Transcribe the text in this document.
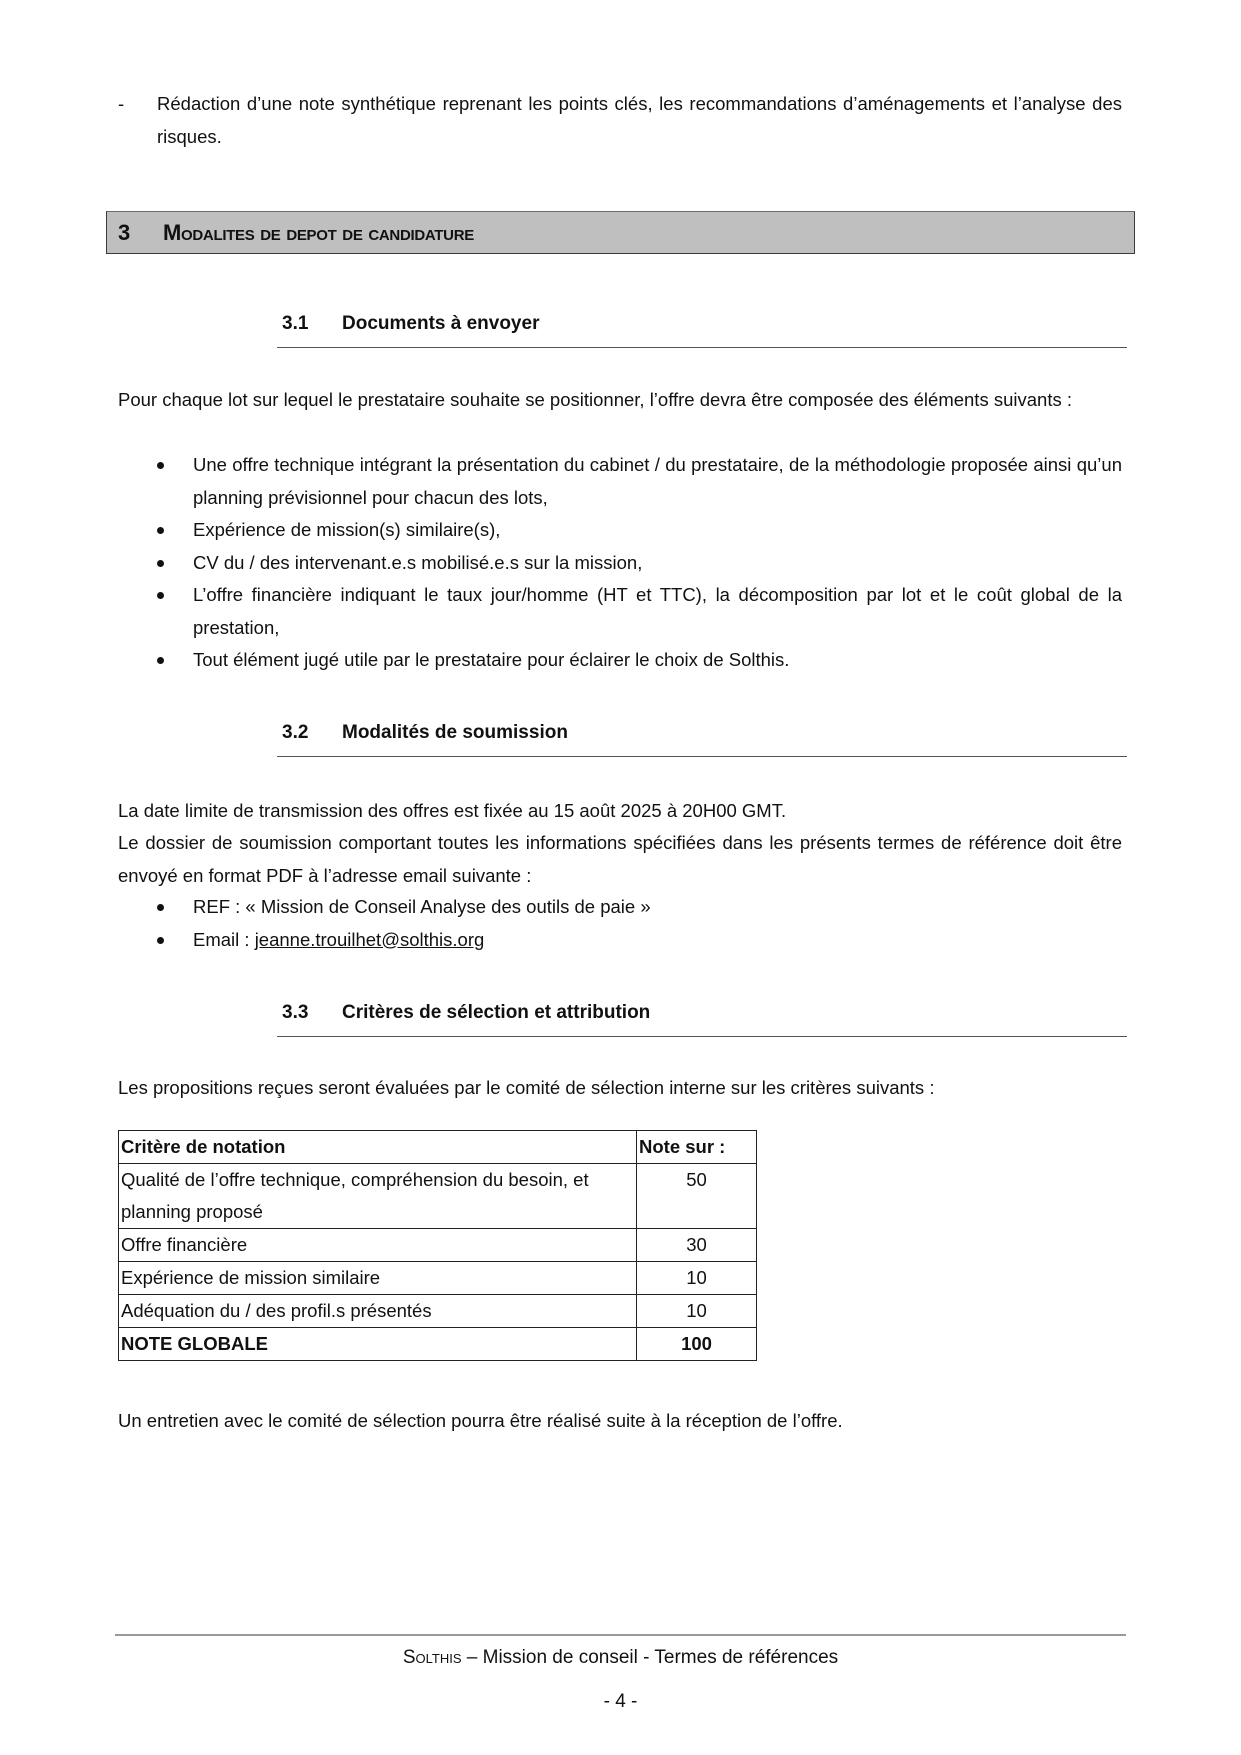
-	Rédaction d’une note synthétique reprenant les points clés, les recommandations d’aménagements et l’analyse des risques.
3 Modalites de depot de candidature
3.1 Documents à envoyer
Pour chaque lot sur lequel le prestataire souhaite se positionner, l’offre devra être composée des éléments suivants :
Une offre technique intégrant la présentation du cabinet / du prestataire, de la méthodologie proposée ainsi qu’un planning prévisionnel pour chacun des lots,
Expérience de mission(s) similaire(s),
CV du / des intervenant.e.s mobilisé.e.s sur la mission,
L’offre financière indiquant le taux jour/homme (HT et TTC), la décomposition par lot et le coût global de la prestation,
Tout élément jugé utile par le prestataire pour éclairer le choix de Solthis.
3.2 Modalités de soumission
La date limite de transmission des offres est fixée au 15 août 2025 à 20H00 GMT.
Le dossier de soumission comportant toutes les informations spécifiées dans les présents termes de référence doit être envoyé en format PDF à l’adresse email suivante :
REF : « Mission de Conseil Analyse des outils de paie »
Email : jeanne.trouilhet@solthis.org
3.3 Critères de sélection et attribution
Les propositions reçues seront évaluées par le comité de sélection interne sur les critères suivants :
Critère de notation	Note sur :
Qualité de l’offre technique, compréhension du besoin, et planning proposé	50
Offre financière	30
Expérience de mission similaire	10
Adéquation du / des profil.s présentés	10
NOTE GLOBALE	100
Un entretien avec le comité de sélection pourra être réalisé suite à la réception de l’offre.
Solthis – Mission de conseil - Termes de références
- 4 -
